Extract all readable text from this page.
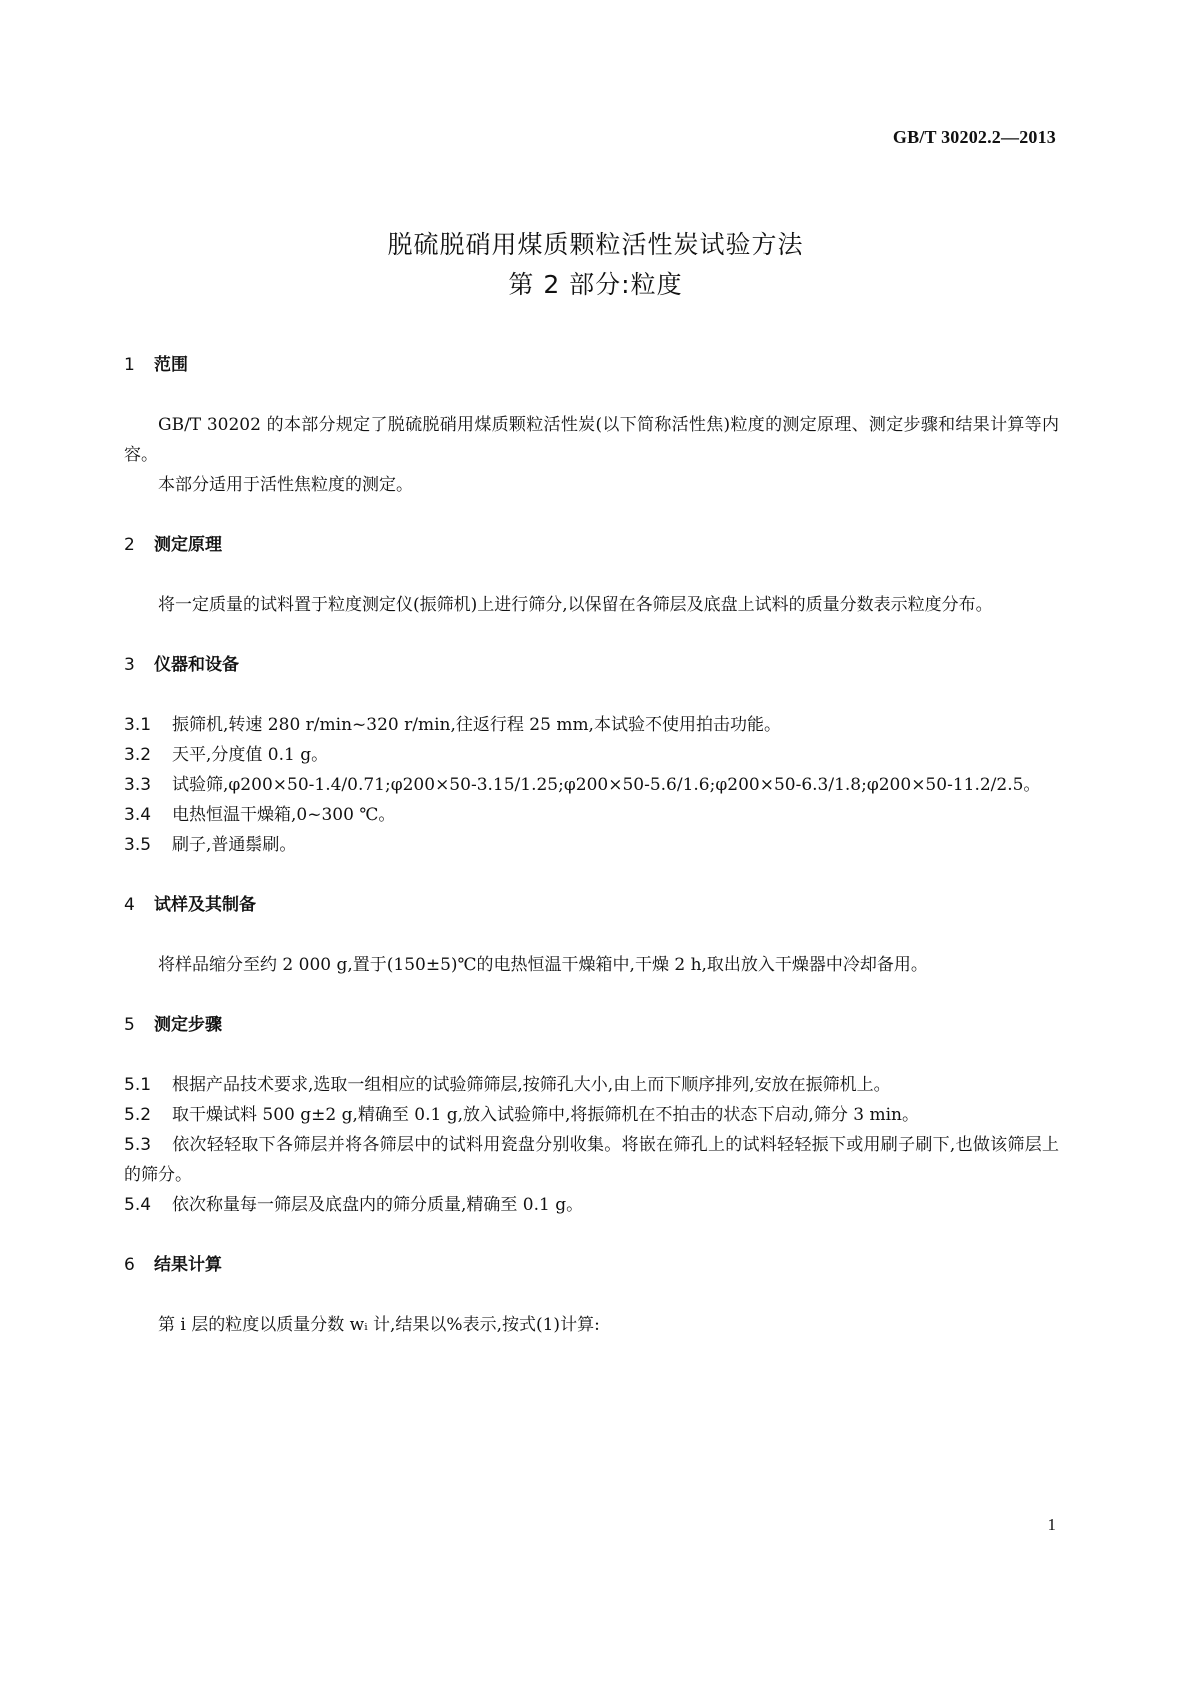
GB/T 30202.2—2013
脱硫脱硝用煤质颗粒活性炭试验方法
第 2 部分:粒度

1 范围

GB/T 30202 的本部分规定了脱硫脱硝用煤质颗粒活性炭(以下简称活性焦)粒度的测定原理、测定步骤和结果计算等内容。

本部分适用于活性焦粒度的测定。

2 测定原理

将一定质量的试料置于粒度测定仪(振筛机)上进行筛分,以保留在各筛层及底盘上试料的质量分数表示粒度分布。

3 仪器和设备

3.1 振筛机,转速 280 r/min~320 r/min,往返行程 25 mm,本试验不使用拍击功能。

3.2 天平,分度值 0.1 g。

3.3 试验筛,φ200×50-1.4/0.71;φ200×50-3.15/1.25;φ200×50-5.6/1.6;φ200×50-6.3/1.8;φ200×50-11.2/2.5。

3.4 电热恒温干燥箱,0~300 ℃。

3.5 刷子,普通鬃刷。

4 试样及其制备

将样品缩分至约 2 000 g,置于(150±5)℃的电热恒温干燥箱中,干燥 2 h,取出放入干燥器中冷却备用。

5 测定步骤

5.1 根据产品技术要求,选取一组相应的试验筛筛层,按筛孔大小,由上而下顺序排列,安放在振筛机上。

5.2 取干燥试料 500 g±2 g,精确至 0.1 g,放入试验筛中,将振筛机在不拍击的状态下启动,筛分 3 min。

5.3 依次轻轻取下各筛层并将各筛层中的试料用瓷盘分别收集。将嵌在筛孔上的试料轻轻振下或用刷子刷下,也做该筛层上的筛分。

5.4 依次称量每一筛层及底盘内的筛分质量,精确至 0.1 g。

6 结果计算

第 i 层的粒度以质量分数 wᵢ 计,结果以%表示,按式(1)计算:

1
